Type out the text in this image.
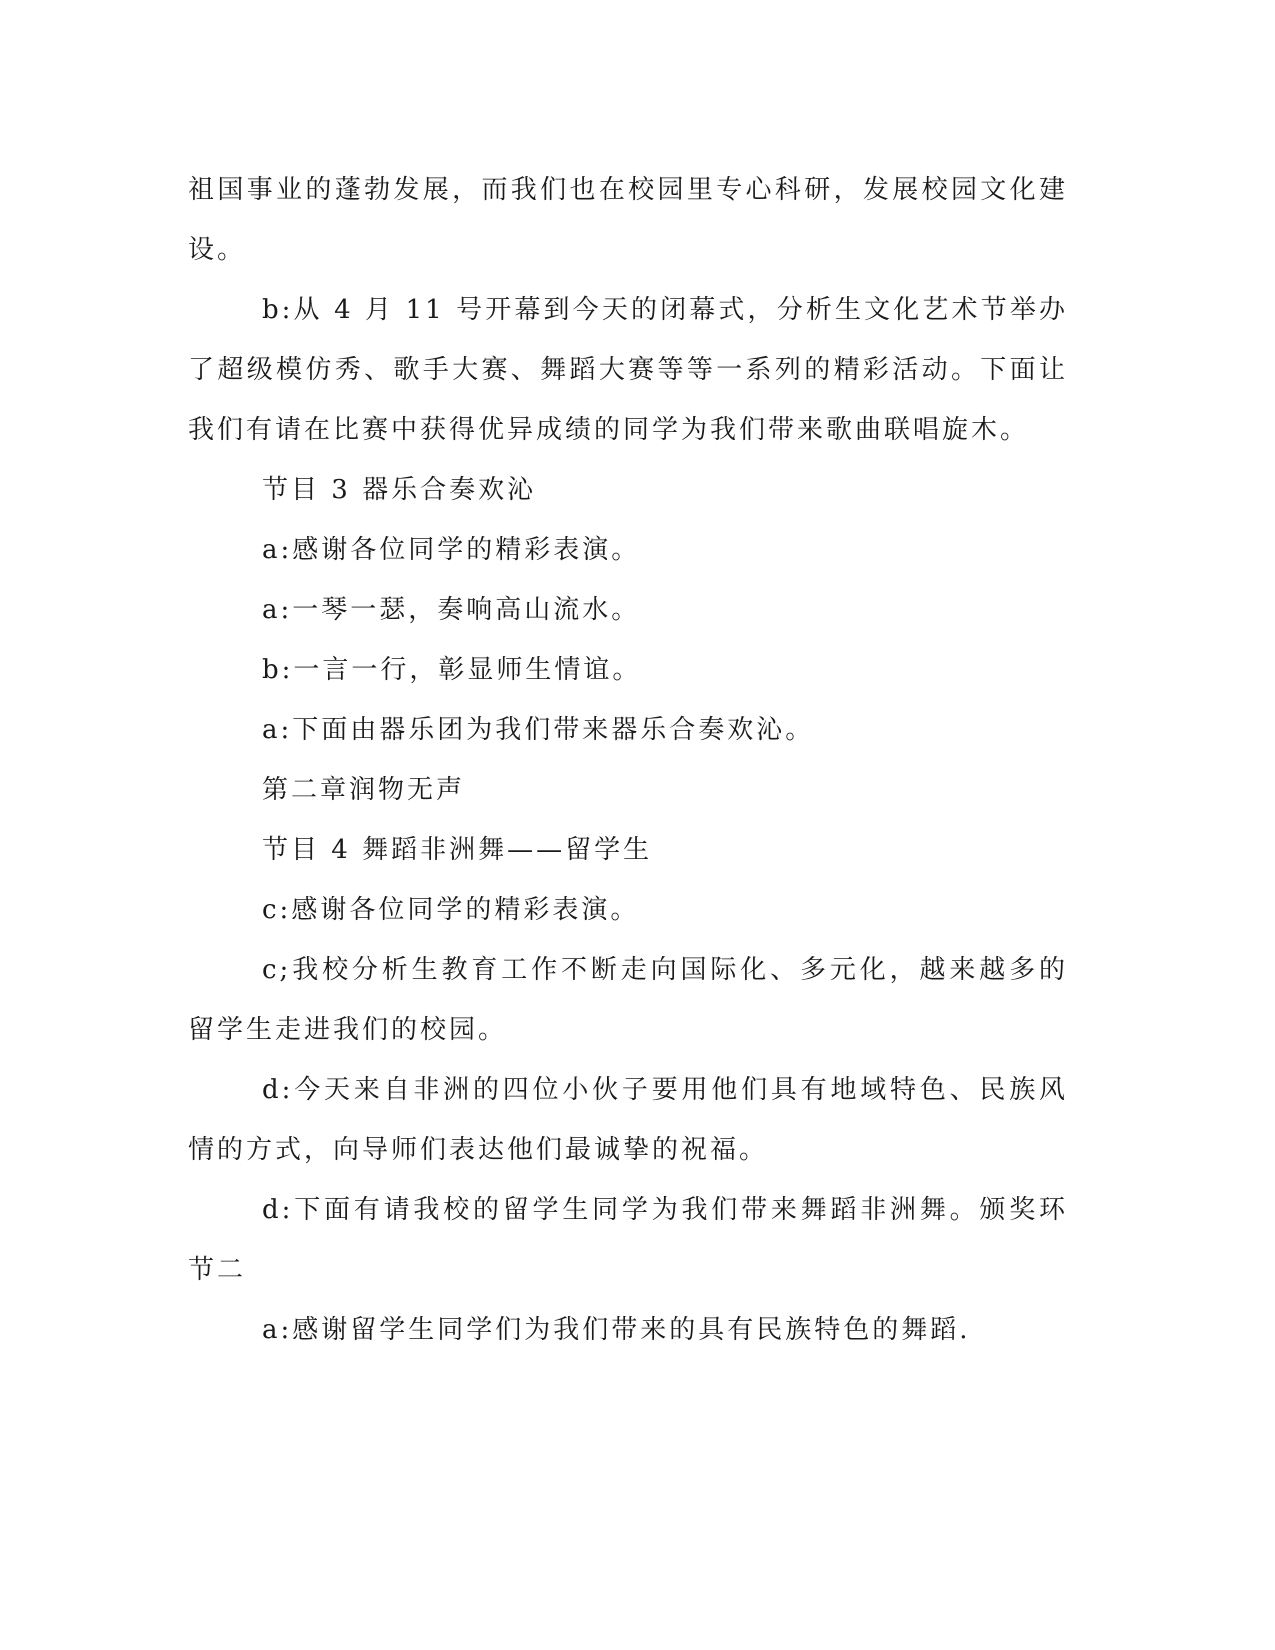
祖国事业的蓬勃发展，而我们也在校园里专心科研，发展校园文化建设。

b:从 4 月 11 号开幕到今天的闭幕式，分析生文化艺术节举办了超级模仿秀、歌手大赛、舞蹈大赛等等一系列的精彩活动。下面让我们有请在比赛中获得优异成绩的同学为我们带来歌曲联唱旋木。

节目 3 器乐合奏欢沁

a:感谢各位同学的精彩表演。

a:一琴一瑟，奏响高山流水。

b:一言一行，彰显师生情谊。

a:下面由器乐团为我们带来器乐合奏欢沁。

第二章润物无声

节目 4 舞蹈非洲舞——留学生

c:感谢各位同学的精彩表演。

c;我校分析生教育工作不断走向国际化、多元化，越来越多的留学生走进我们的校园。

d:今天来自非洲的四位小伙子要用他们具有地域特色、民族风情的方式，向导师们表达他们最诚挚的祝福。

d:下面有请我校的留学生同学为我们带来舞蹈非洲舞。颁奖环节二

a:感谢留学生同学们为我们带来的具有民族特色的舞蹈.
